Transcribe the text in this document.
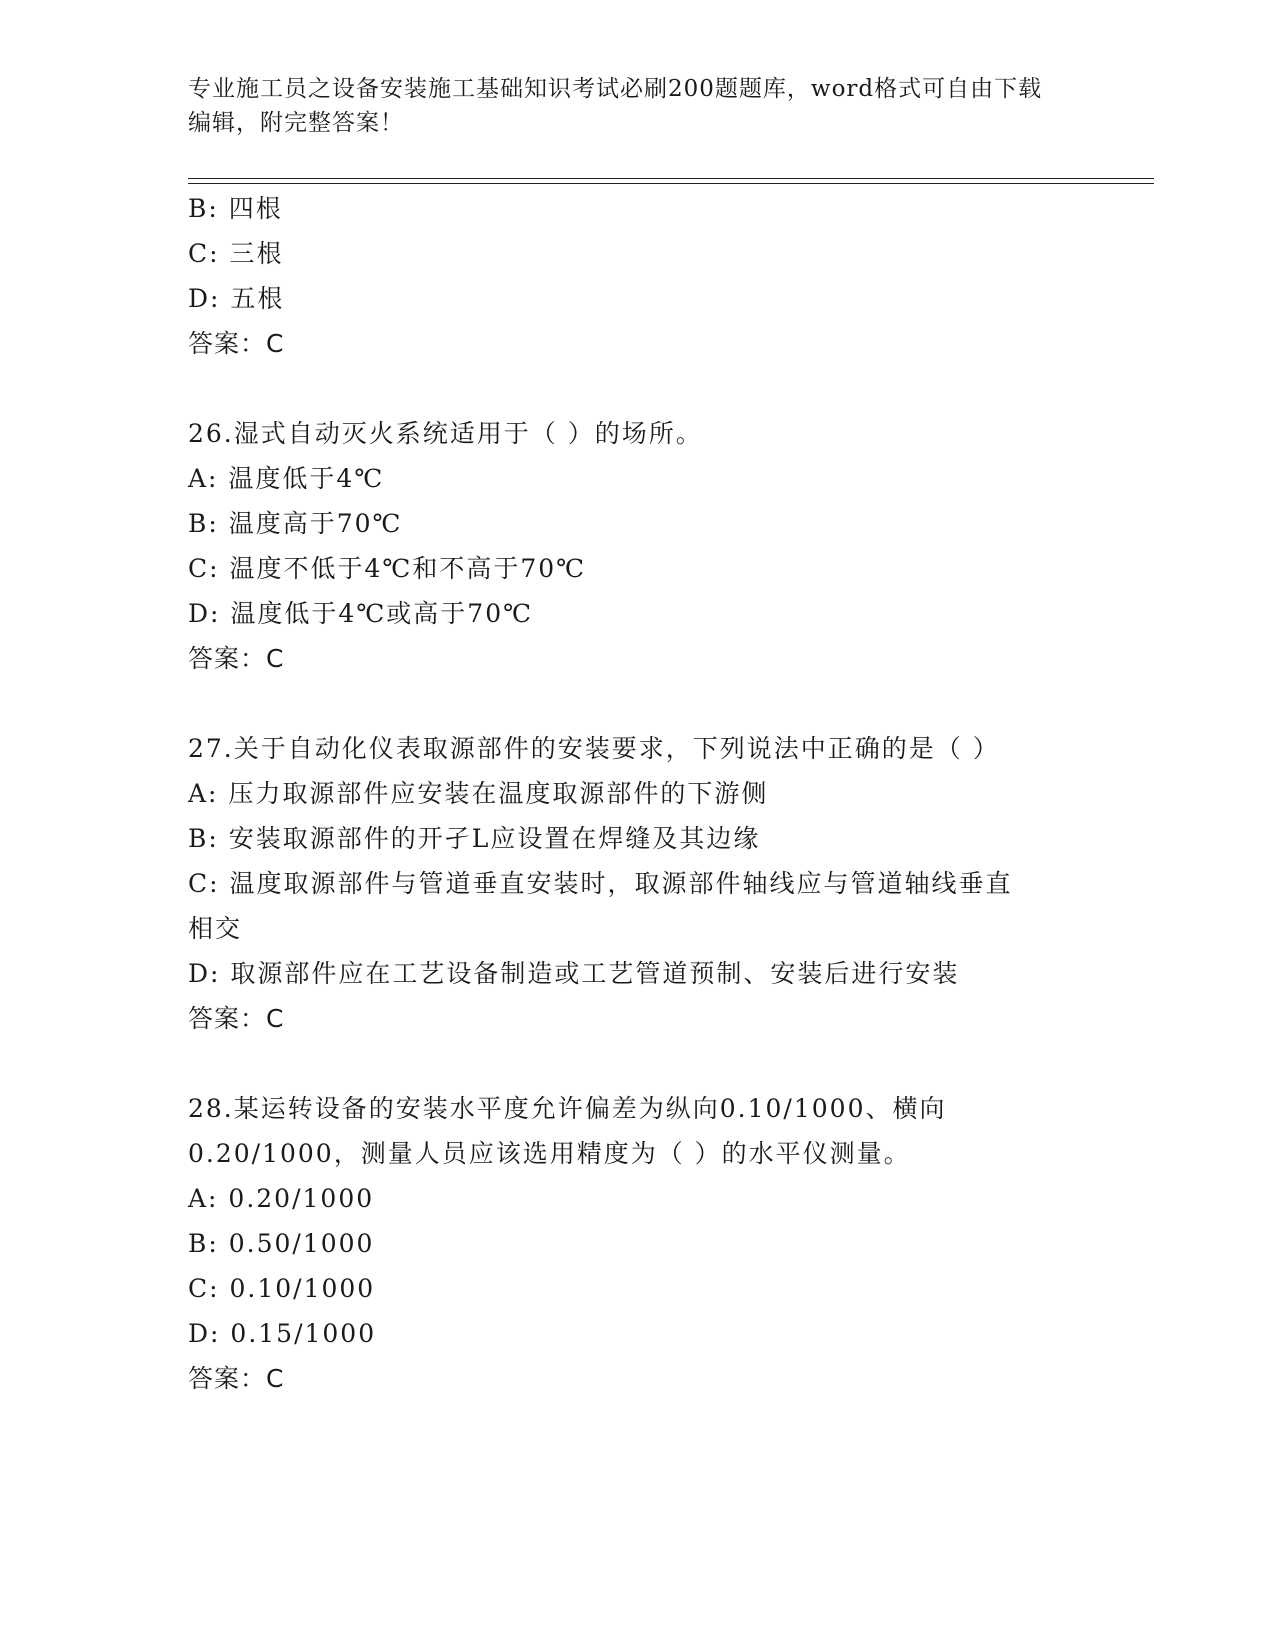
专业施工员之设备安装施工基础知识考试必刷200题题库，word格式可自由下载
编辑，附完整答案！
B: 四根
C: 三根
D: 五根
答案：C
26.湿式自动灭火系统适用于（ ）的场所。
A: 温度低于4℃
B: 温度高于70℃
C: 温度不低于4℃和不高于70℃
D: 温度低于4℃或高于70℃
答案：C
27.关于自动化仪表取源部件的安装要求，下列说法中正确的是（ ）
A: 压力取源部件应安装在温度取源部件的下游侧
B: 安装取源部件的开孑L应设置在焊缝及其边缘
C: 温度取源部件与管道垂直安装时，取源部件轴线应与管道轴线垂直
相交
D: 取源部件应在工艺设备制造或工艺管道预制、安装后进行安装
答案：C
28.某运转设备的安装水平度允许偏差为纵向0.10/1000、横向
0.20/1000，测量人员应该选用精度为（ ）的水平仪测量。
A: 0.20/1000
B: 0.50/1000
C: 0.10/1000
D: 0.15/1000
答案：C
